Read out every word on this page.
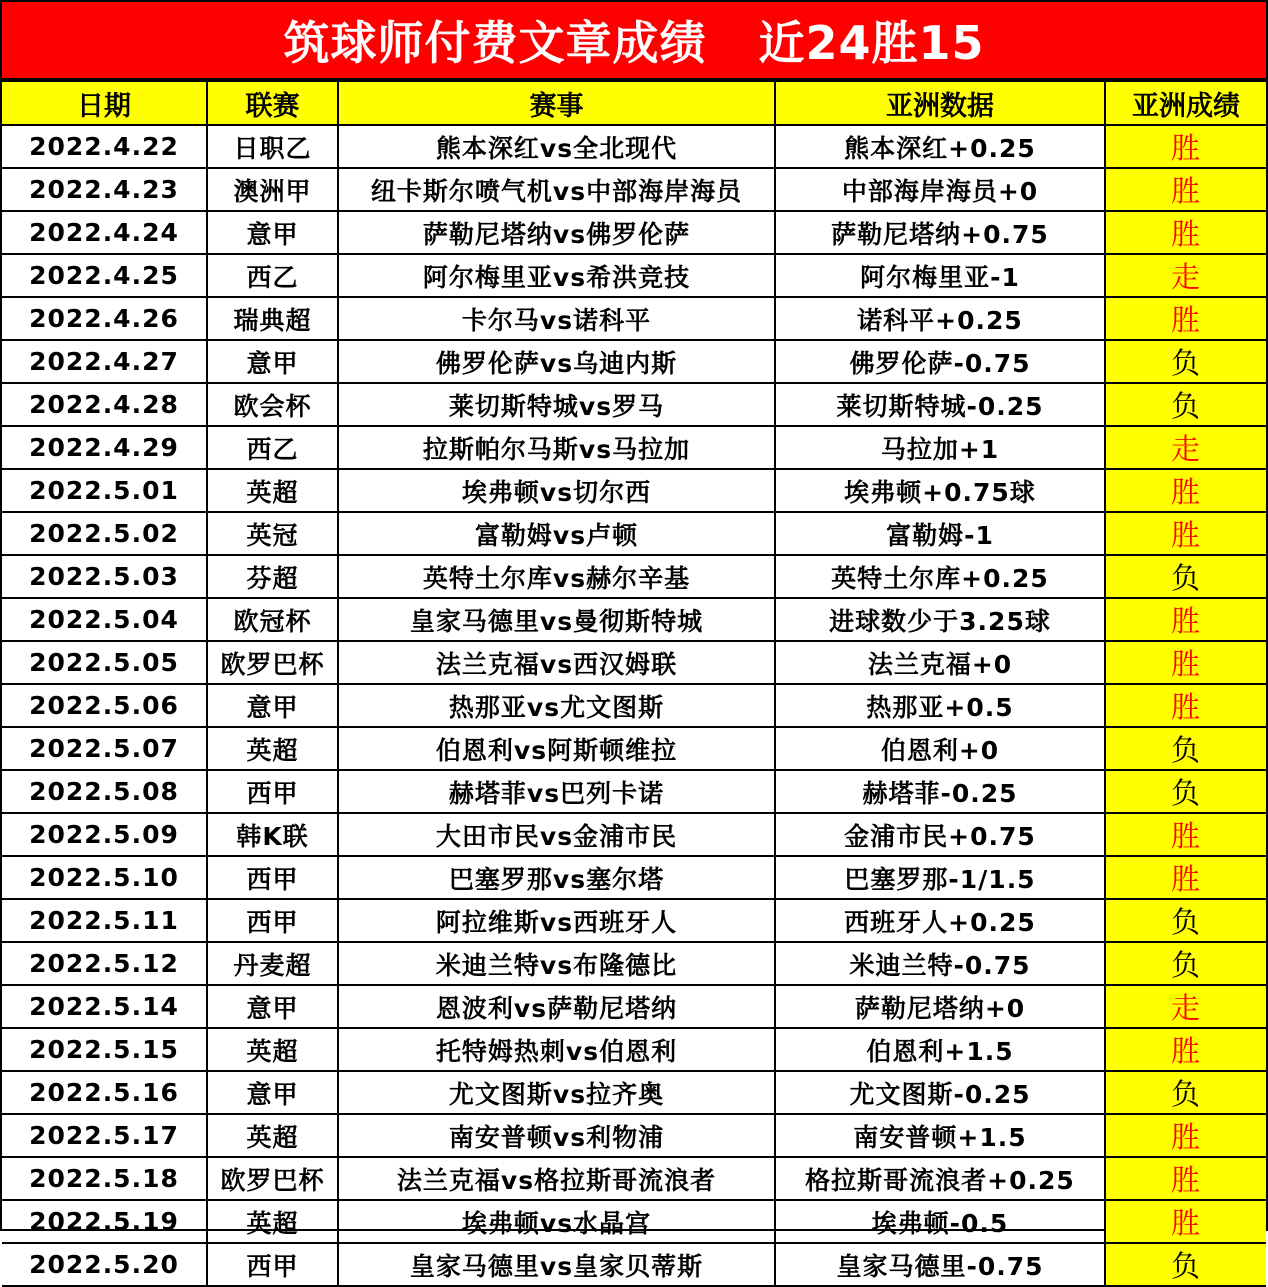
筑球师付费文章成绩 近24胜15
日期	联赛	赛事	亚洲数据	亚洲成绩
2022.4.22	日职乙	熊本深红vs全北现代	熊本深红+0.25	胜
2022.4.23	澳洲甲	纽卡斯尔喷气机vs中部海岸海员	中部海岸海员+0	胜
2022.4.24	意甲	萨勒尼塔纳vs佛罗伦萨	萨勒尼塔纳+0.75	胜
2022.4.25	西乙	阿尔梅里亚vs希洪竞技	阿尔梅里亚-1	走
2022.4.26	瑞典超	卡尔马vs诺科平	诺科平+0.25	胜
2022.4.27	意甲	佛罗伦萨vs乌迪内斯	佛罗伦萨-0.75	负
2022.4.28	欧会杯	莱切斯特城vs罗马	莱切斯特城-0.25	负
2022.4.29	西乙	拉斯帕尔马斯vs马拉加	马拉加+1	走
2022.5.01	英超	埃弗顿vs切尔西	埃弗顿+0.75球	胜
2022.5.02	英冠	富勒姆vs卢顿	富勒姆-1	胜
2022.5.03	芬超	英特土尔库vs赫尔辛基	英特土尔库+0.25	负
2022.5.04	欧冠杯	皇家马德里vs曼彻斯特城	进球数少于3.25球	胜
2022.5.05	欧罗巴杯	法兰克福vs西汉姆联	法兰克福+0	胜
2022.5.06	意甲	热那亚vs尤文图斯	热那亚+0.5	胜
2022.5.07	英超	伯恩利vs阿斯顿维拉	伯恩利+0	负
2022.5.08	西甲	赫塔菲vs巴列卡诺	赫塔菲-0.25	负
2022.5.09	韩K联	大田市民vs金浦市民	金浦市民+0.75	胜
2022.5.10	西甲	巴塞罗那vs塞尔塔	巴塞罗那-1/1.5	胜
2022.5.11	西甲	阿拉维斯vs西班牙人	西班牙人+0.25	负
2022.5.12	丹麦超	米迪兰特vs布隆德比	米迪兰特-0.75	负
2022.5.14	意甲	恩波利vs萨勒尼塔纳	萨勒尼塔纳+0	走
2022.5.15	英超	托特姆热刺vs伯恩利	伯恩利+1.5	胜
2022.5.16	意甲	尤文图斯vs拉齐奥	尤文图斯-0.25	负
2022.5.17	英超	南安普顿vs利物浦	南安普顿+1.5	胜
2022.5.18	欧罗巴杯	法兰克福vs格拉斯哥流浪者	格拉斯哥流浪者+0.25	胜
2022.5.19	英超	埃弗顿vs水晶宫	埃弗顿-0.5	胜
2022.5.20	西甲	皇家马德里vs皇家贝蒂斯	皇家马德里-0.75	负
